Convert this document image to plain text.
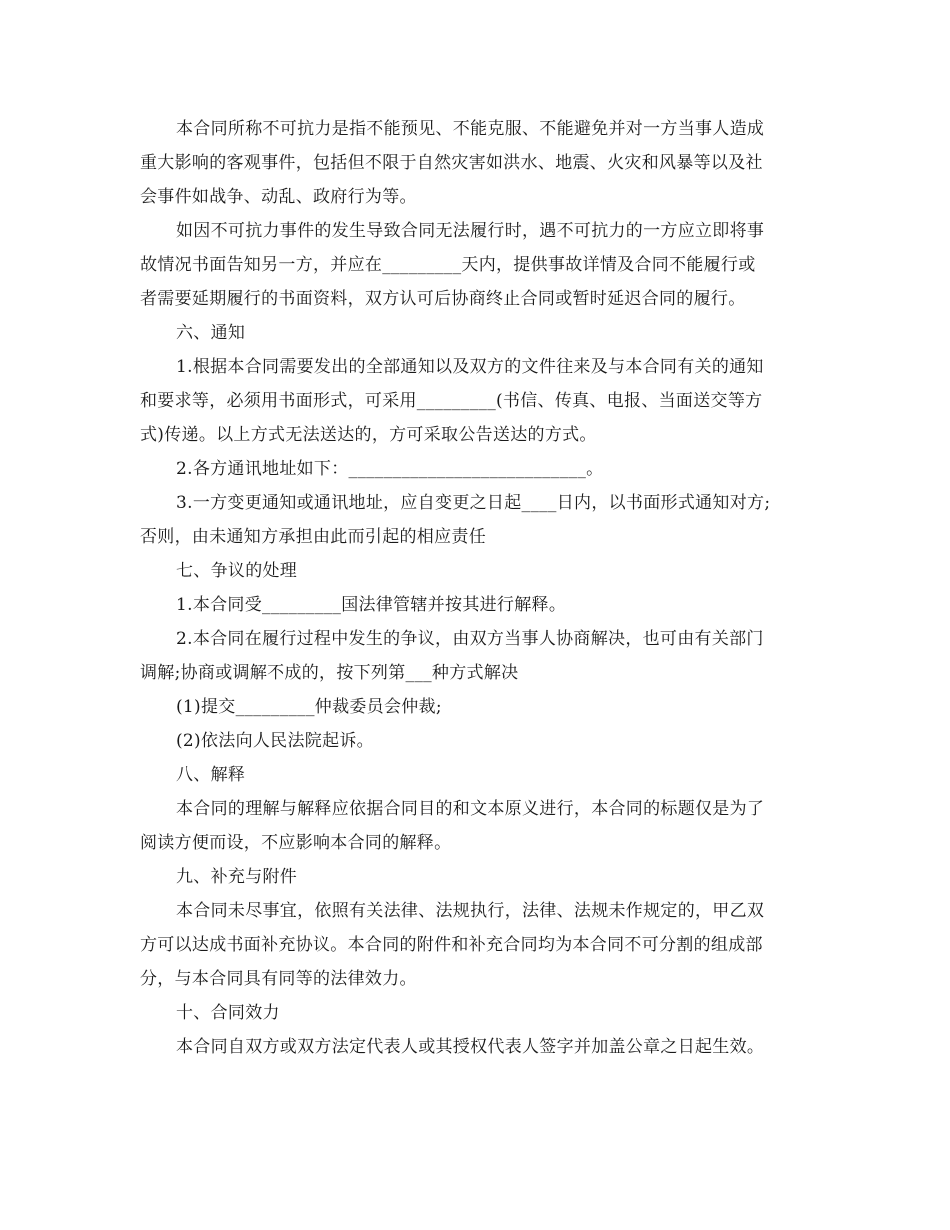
本合同所称不可抗力是指不能预见、不能克服、不能避免并对一方当事人造成
重大影响的客观事件，包括但不限于自然灾害如洪水、地震、火灾和风暴等以及社
会事件如战争、动乱、政府行为等。
如因不可抗力事件的发生导致合同无法履行时，遇不可抗力的一方应立即将事
故情况书面告知另一方，并应在_________天内，提供事故详情及合同不能履行或
者需要延期履行的书面资料，双方认可后协商终止合同或暂时延迟合同的履行。
六、通知
1.根据本合同需要发出的全部通知以及双方的文件往来及与本合同有关的通知
和要求等，必须用书面形式，可采用_________(书信、传真、电报、当面送交等方
式)传递。以上方式无法送达的，方可采取公告送达的方式。
2.各方通讯地址如下：___________________________。
3.一方变更通知或通讯地址，应自变更之日起____日内，以书面形式通知对方;
否则，由未通知方承担由此而引起的相应责任
七、争议的处理
1.本合同受_________国法律管辖并按其进行解释。
2.本合同在履行过程中发生的争议，由双方当事人协商解决，也可由有关部门
调解;协商或调解不成的，按下列第___种方式解决
(1)提交_________仲裁委员会仲裁;
(2)依法向人民法院起诉。
八、解释
本合同的理解与解释应依据合同目的和文本原义进行，本合同的标题仅是为了
阅读方便而设，不应影响本合同的解释。
九、补充与附件
本合同未尽事宜，依照有关法律、法规执行，法律、法规未作规定的，甲乙双
方可以达成书面补充协议。本合同的附件和补充合同均为本合同不可分割的组成部
分，与本合同具有同等的法律效力。
十、合同效力
本合同自双方或双方法定代表人或其授权代表人签字并加盖公章之日起生效。
